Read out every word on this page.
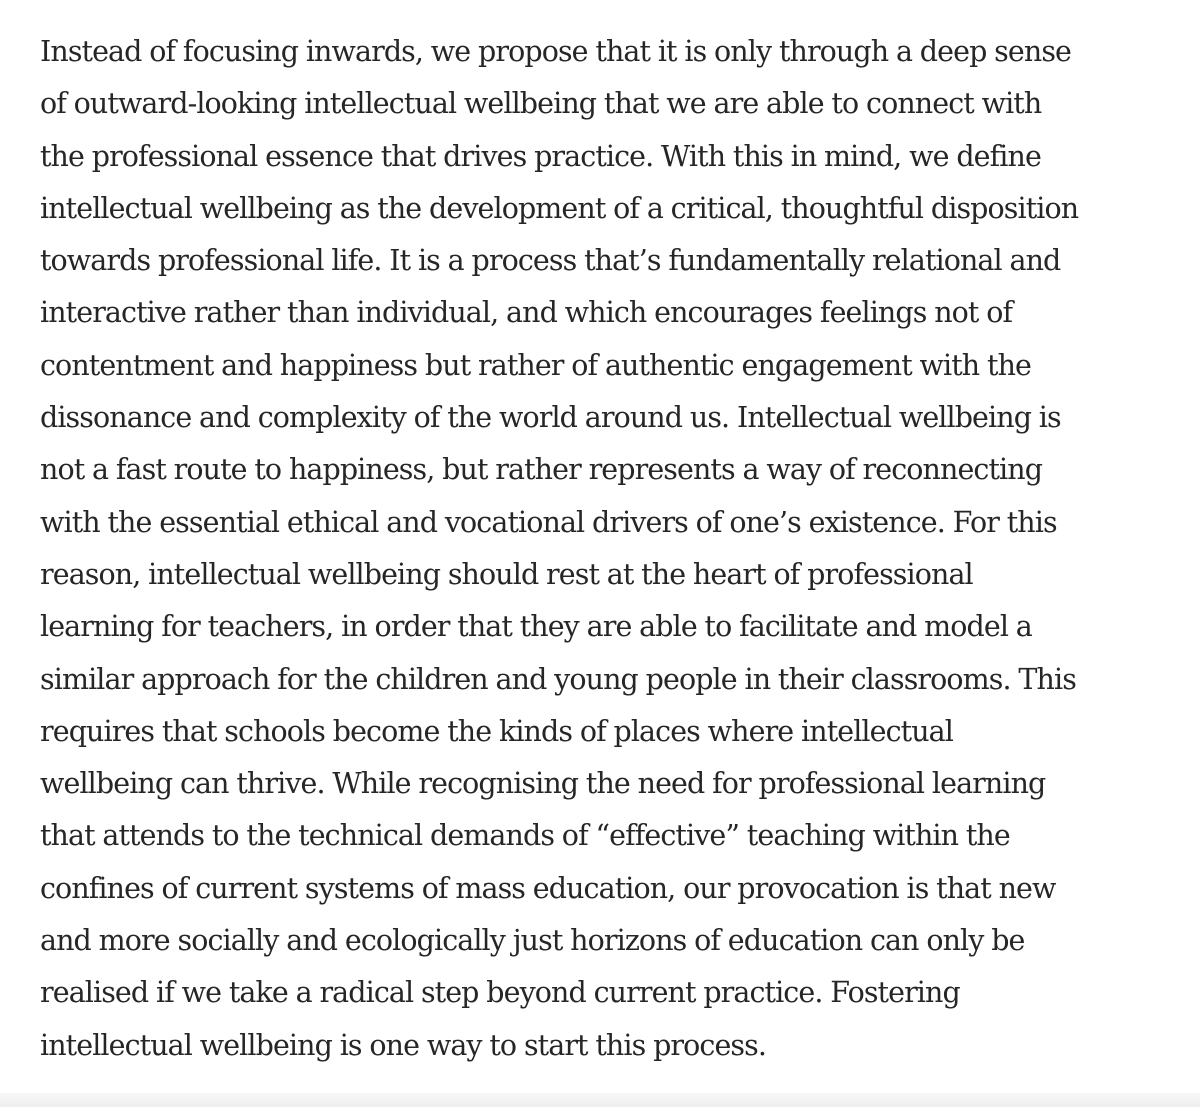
Instead of focusing inwards, we propose that it is only through a deep sense
of outward-looking intellectual wellbeing that we are able to connect with
the professional essence that drives practice. With this in mind, we define
intellectual wellbeing as the development of a critical, thoughtful disposition
towards professional life. It is a process that’s fundamentally relational and
interactive rather than individual, and which encourages feelings not of
contentment and happiness but rather of authentic engagement with the
dissonance and complexity of the world around us. Intellectual wellbeing is
not a fast route to happiness, but rather represents a way of reconnecting
with the essential ethical and vocational drivers of one’s existence. For this
reason, intellectual wellbeing should rest at the heart of professional
learning for teachers, in order that they are able to facilitate and model a
similar approach for the children and young people in their classrooms. This
requires that schools become the kinds of places where intellectual
wellbeing can thrive. While recognising the need for professional learning
that attends to the technical demands of “effective” teaching within the
confines of current systems of mass education, our provocation is that new
and more socially and ecologically just horizons of education can only be
realised if we take a radical step beyond current practice. Fostering
intellectual wellbeing is one way to start this process.
